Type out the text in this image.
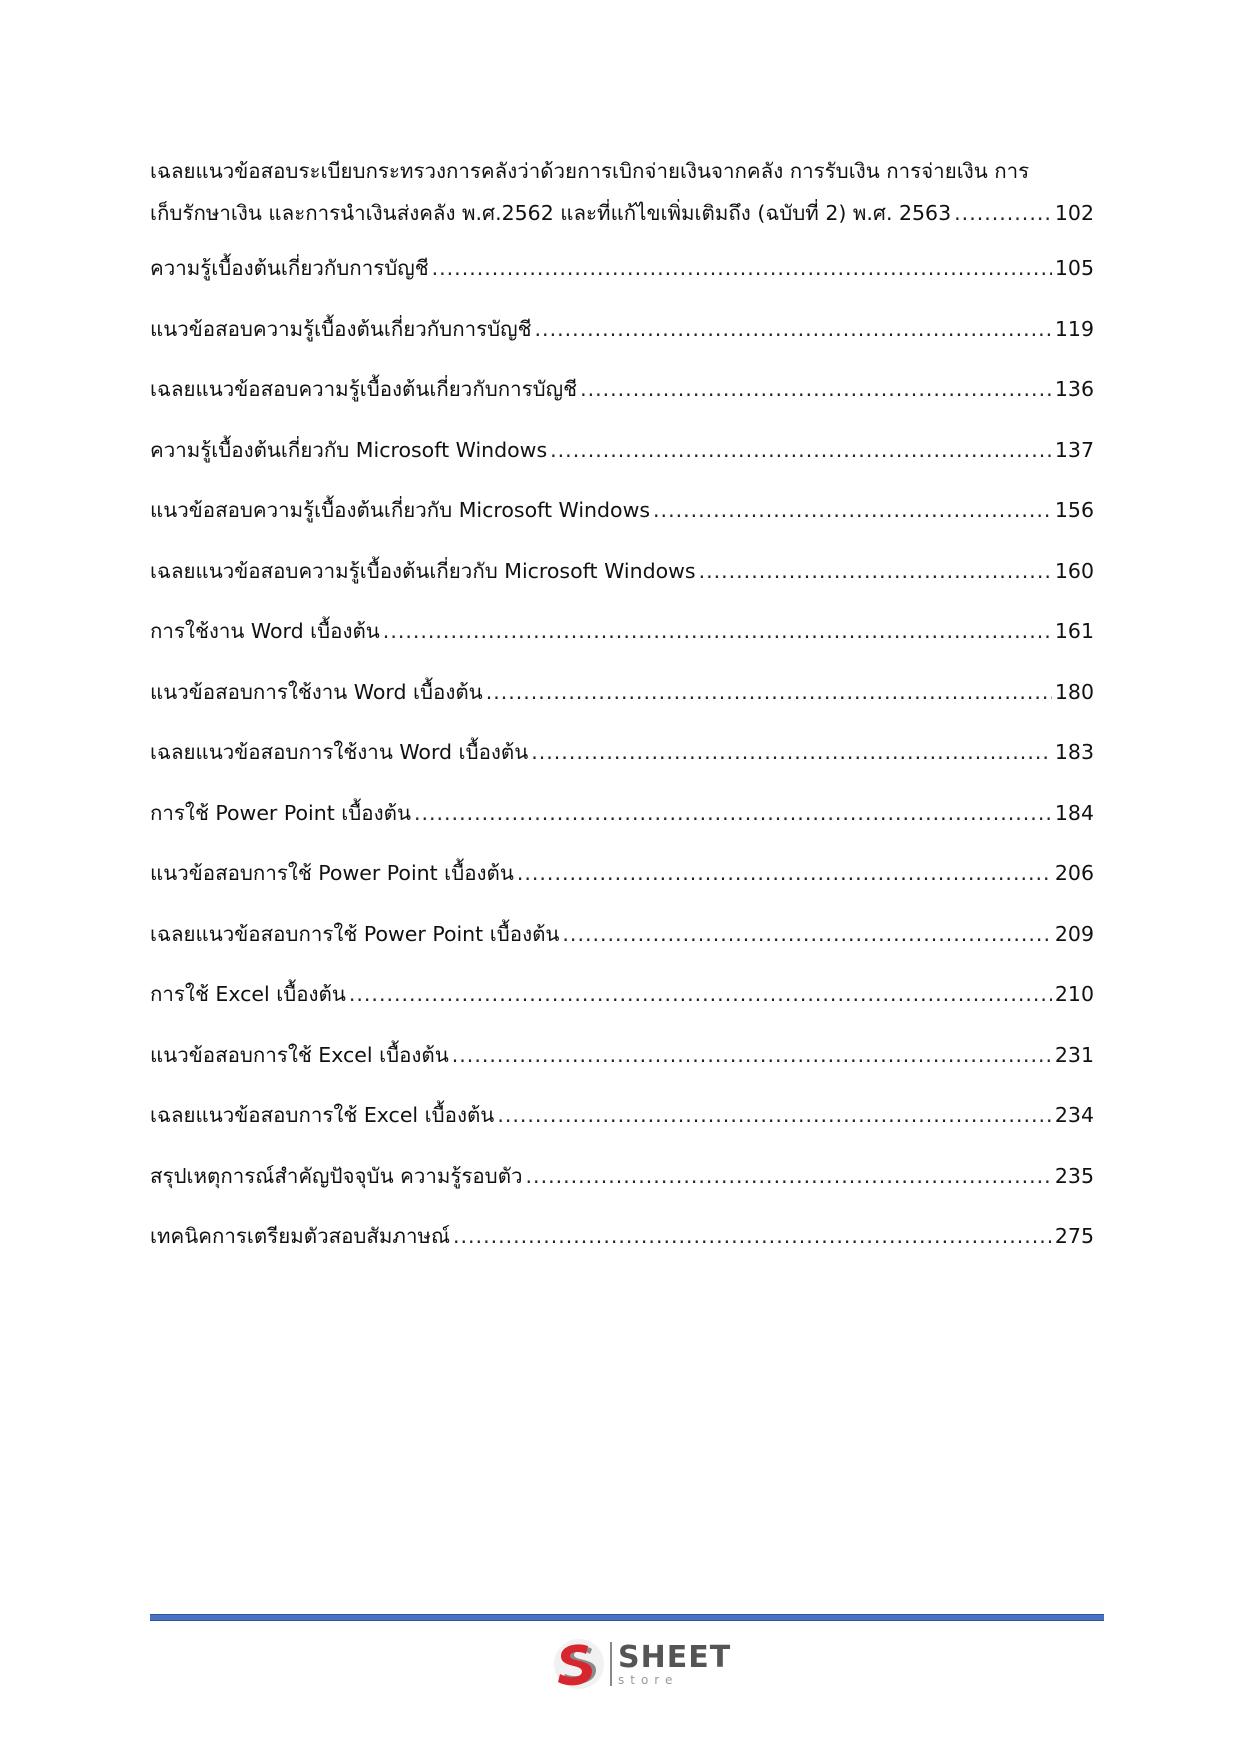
เฉลยแนวข้อสอบระเบียบกระทรวงการคลังว่าด้วยการเบิกจ่ายเงินจากคลัง การรับเงิน การจ่ายเงิน การ
เก็บรักษาเงิน และการนำเงินส่งคลัง พ.ศ.2562 และที่แก้ไขเพิ่มเติมถึง (ฉบับที่ 2) พ.ศ. 2563 .....	102
ความรู้เบื้องต้นเกี่ยวกับการบัญชี .....	105
แนวข้อสอบความรู้เบื้องต้นเกี่ยวกับการบัญชี .....	119
เฉลยแนวข้อสอบความรู้เบื้องต้นเกี่ยวกับการบัญชี .....	136
ความรู้เบื้องต้นเกี่ยวกับ Microsoft Windows .....	137
แนวข้อสอบความรู้เบื้องต้นเกี่ยวกับ Microsoft Windows .....	156
เฉลยแนวข้อสอบความรู้เบื้องต้นเกี่ยวกับ Microsoft Windows .....	160
การใช้งาน Word เบื้องต้น .....	161
แนวข้อสอบการใช้งาน Word เบื้องต้น .....	180
เฉลยแนวข้อสอบการใช้งาน Word เบื้องต้น .....	183
การใช้ Power Point เบื้องต้น .....	184
แนวข้อสอบการใช้ Power Point เบื้องต้น .....	206
เฉลยแนวข้อสอบการใช้ Power Point เบื้องต้น .....	209
การใช้ Excel เบื้องต้น .....	210
แนวข้อสอบการใช้ Excel เบื้องต้น .....	231
เฉลยแนวข้อสอบการใช้ Excel เบื้องต้น .....	234
สรุปเหตุการณ์สำคัญปัจจุบัน ความรู้รอบตัว .....	235
เทคนิคการเตรียมตัวสอบสัมภาษณ์ .....	275
SHEET
store
